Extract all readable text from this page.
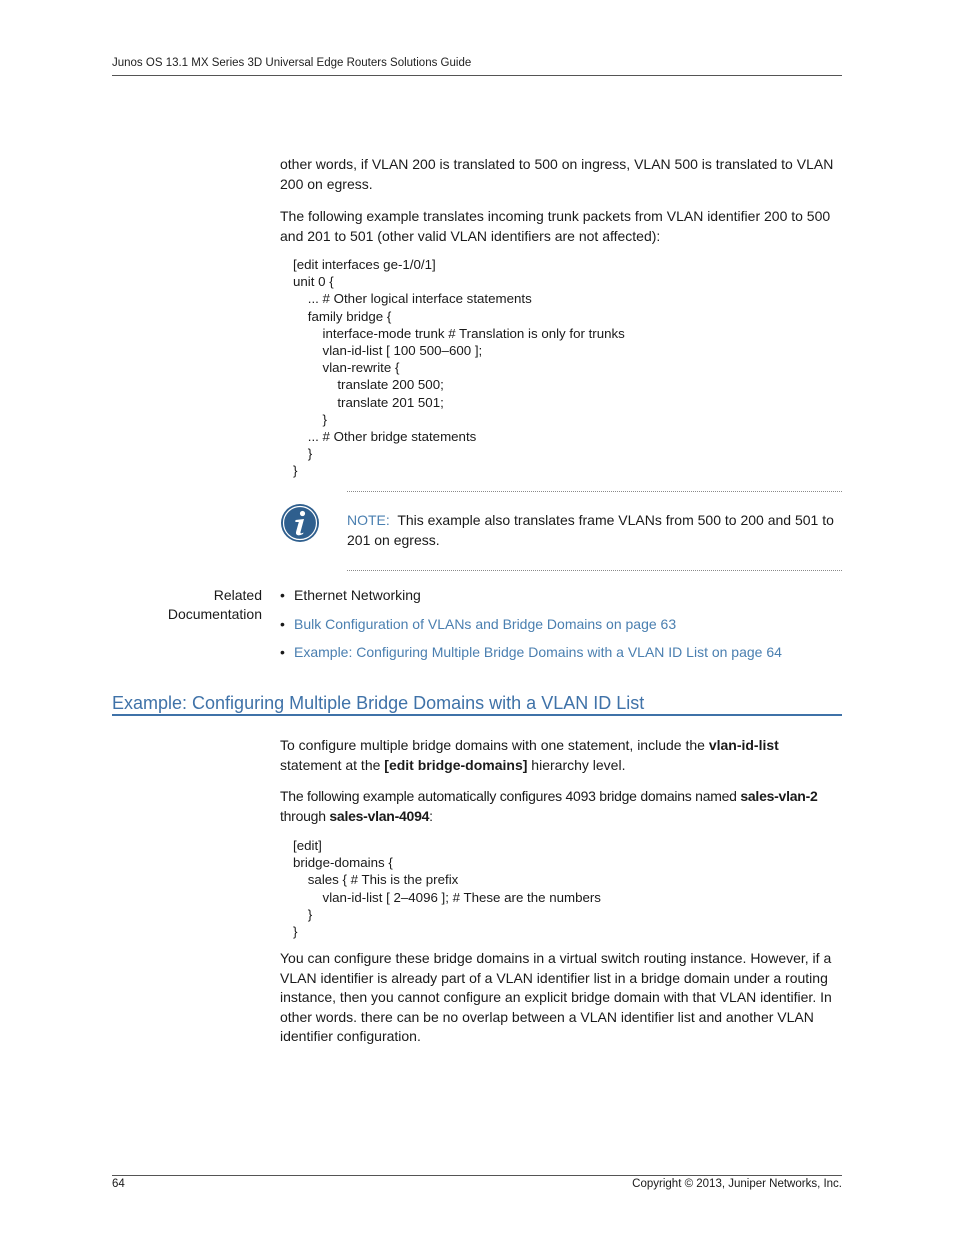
Junos OS 13.1 MX Series 3D Universal Edge Routers Solutions Guide

other words, if VLAN 200 is translated to 500 on ingress, VLAN 500 is translated to VLAN 200 on egress.

The following example translates incoming trunk packets from VLAN identifier 200 to 500 and 201 to 501 (other valid VLAN identifiers are not affected):

[edit interfaces ge-1/0/1]
unit 0 {
... # Other logical interface statements
family bridge {
interface-mode trunk # Translation is only for trunks
vlan-id-list [ 100 500–600 ];
vlan-rewrite {
translate 200 500;
translate 201 501;
}
... # Other bridge statements
}
}
NOTE: This example also translates frame VLANs from 500 to 200 and 501 to 201 on egress.
Related
Documentation
• Ethernet Networking
• Bulk Configuration of VLANs and Bridge Domains on page 63
• Example: Configuring Multiple Bridge Domains with a VLAN ID List on page 64
Example: Configuring Multiple Bridge Domains with a VLAN ID List

To configure multiple bridge domains with one statement, include the vlan-id-list statement at the [edit bridge-domains] hierarchy level.

The following example automatically configures 4093 bridge domains named sales-vlan-2 through sales-vlan-4094:

[edit]
bridge-domains {
sales { # This is the prefix
vlan-id-list [ 2–4096 ]; # These are the numbers
}
}

You can configure these bridge domains in a virtual switch routing instance. However, if a VLAN identifier is already part of a VLAN identifier list in a bridge domain under a routing instance, then you cannot configure an explicit bridge domain with that VLAN identifier. In other words. there can be no overlap between a VLAN identifier list and another VLAN identifier configuration.

64	Copyright © 2013, Juniper Networks, Inc.
